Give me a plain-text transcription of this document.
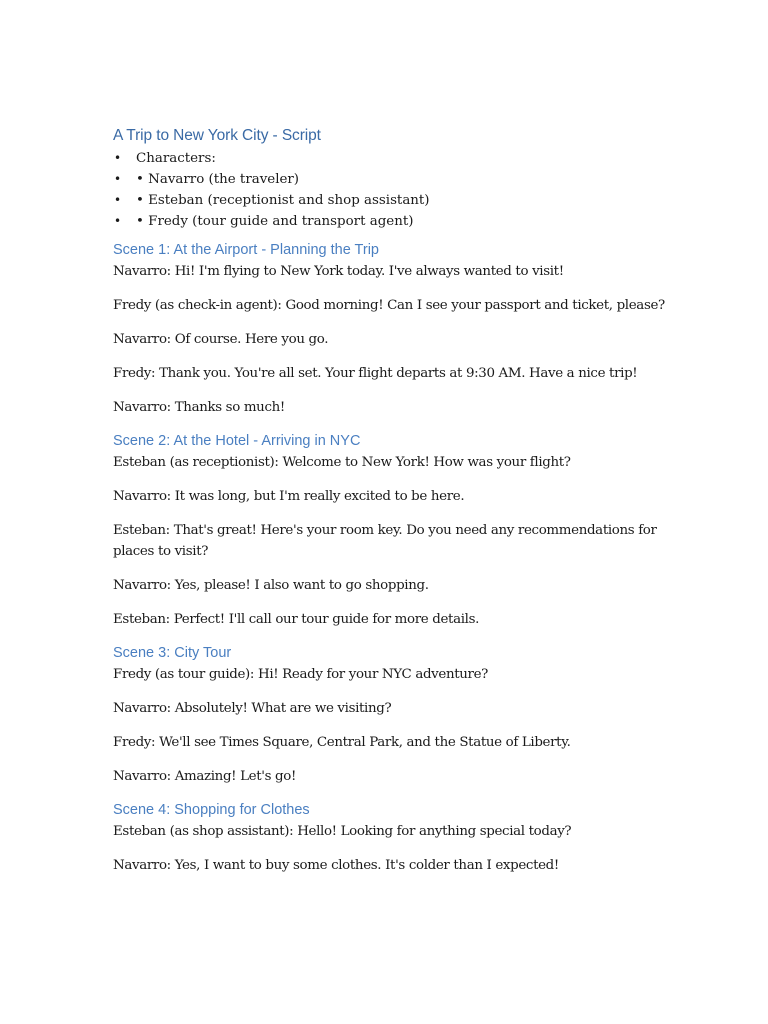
A Trip to New York City - Script
• Characters:
• • Navarro (the traveler)
• • Esteban (receptionist and shop assistant)
• • Fredy (tour guide and transport agent)
Scene 1: At the Airport - Planning the Trip

Navarro: Hi! I'm flying to New York today. I've always wanted to visit!

Fredy (as check-in agent): Good morning! Can I see your passport and ticket, please?

Navarro: Of course. Here you go.

Fredy: Thank you. You're all set. Your flight departs at 9:30 AM. Have a nice trip!

Navarro: Thanks so much!

Scene 2: At the Hotel - Arriving in NYC

Esteban (as receptionist): Welcome to New York! How was your flight?

Navarro: It was long, but I'm really excited to be here.

Esteban: That's great! Here's your room key. Do you need any recommendations for places to visit?

Navarro: Yes, please! I also want to go shopping.

Esteban: Perfect! I'll call our tour guide for more details.

Scene 3: City Tour

Fredy (as tour guide): Hi! Ready for your NYC adventure?

Navarro: Absolutely! What are we visiting?

Fredy: We'll see Times Square, Central Park, and the Statue of Liberty.

Navarro: Amazing! Let's go!

Scene 4: Shopping for Clothes

Esteban (as shop assistant): Hello! Looking for anything special today?

Navarro: Yes, I want to buy some clothes. It's colder than I expected!
